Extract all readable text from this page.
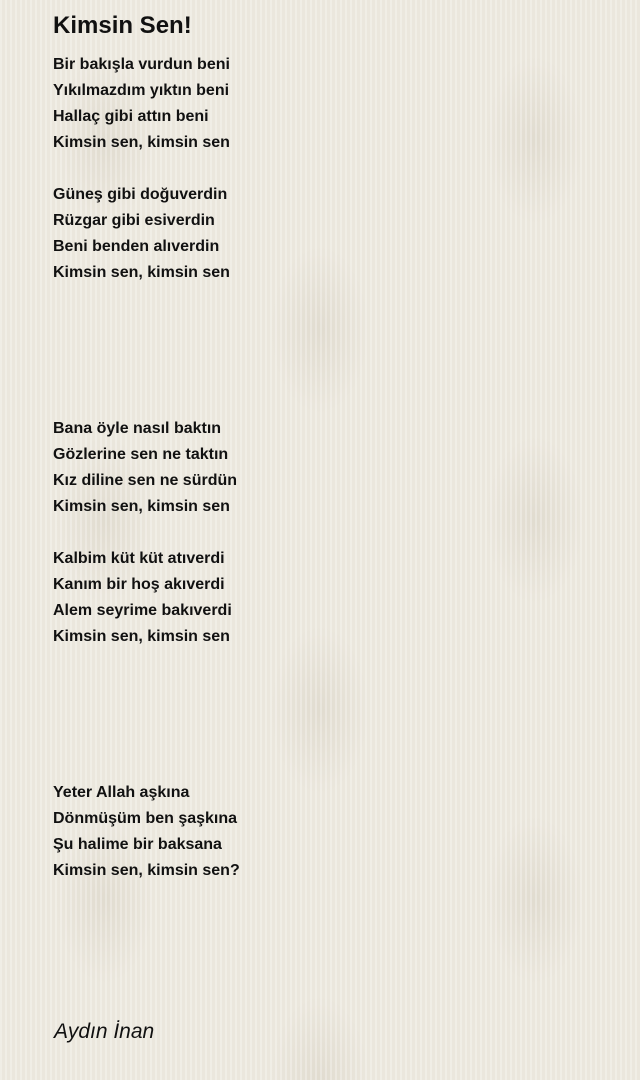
Kimsin Sen!
Bir bakışla vurdun beni
Yıkılmazdım yıktın beni
Hallaç gibi attın beni
Kimsin sen, kimsin sen
Güneş gibi doğuverdin
Rüzgar gibi esiverdin
Beni benden alıverdin
Kimsin sen, kimsin sen
Bana öyle nasıl baktın
Gözlerine sen ne taktın
Kız diline sen ne sürdün
Kimsin sen, kimsin sen
Kalbim küt küt atıverdi
Kanım bir hoş akıverdi
Alem seyrime bakıverdi
Kimsin sen, kimsin sen
Yeter Allah aşkına
Dönmüşüm ben şaşkına
Şu halime bir baksana
Kimsin sen, kimsin sen?
Aydın İnan
